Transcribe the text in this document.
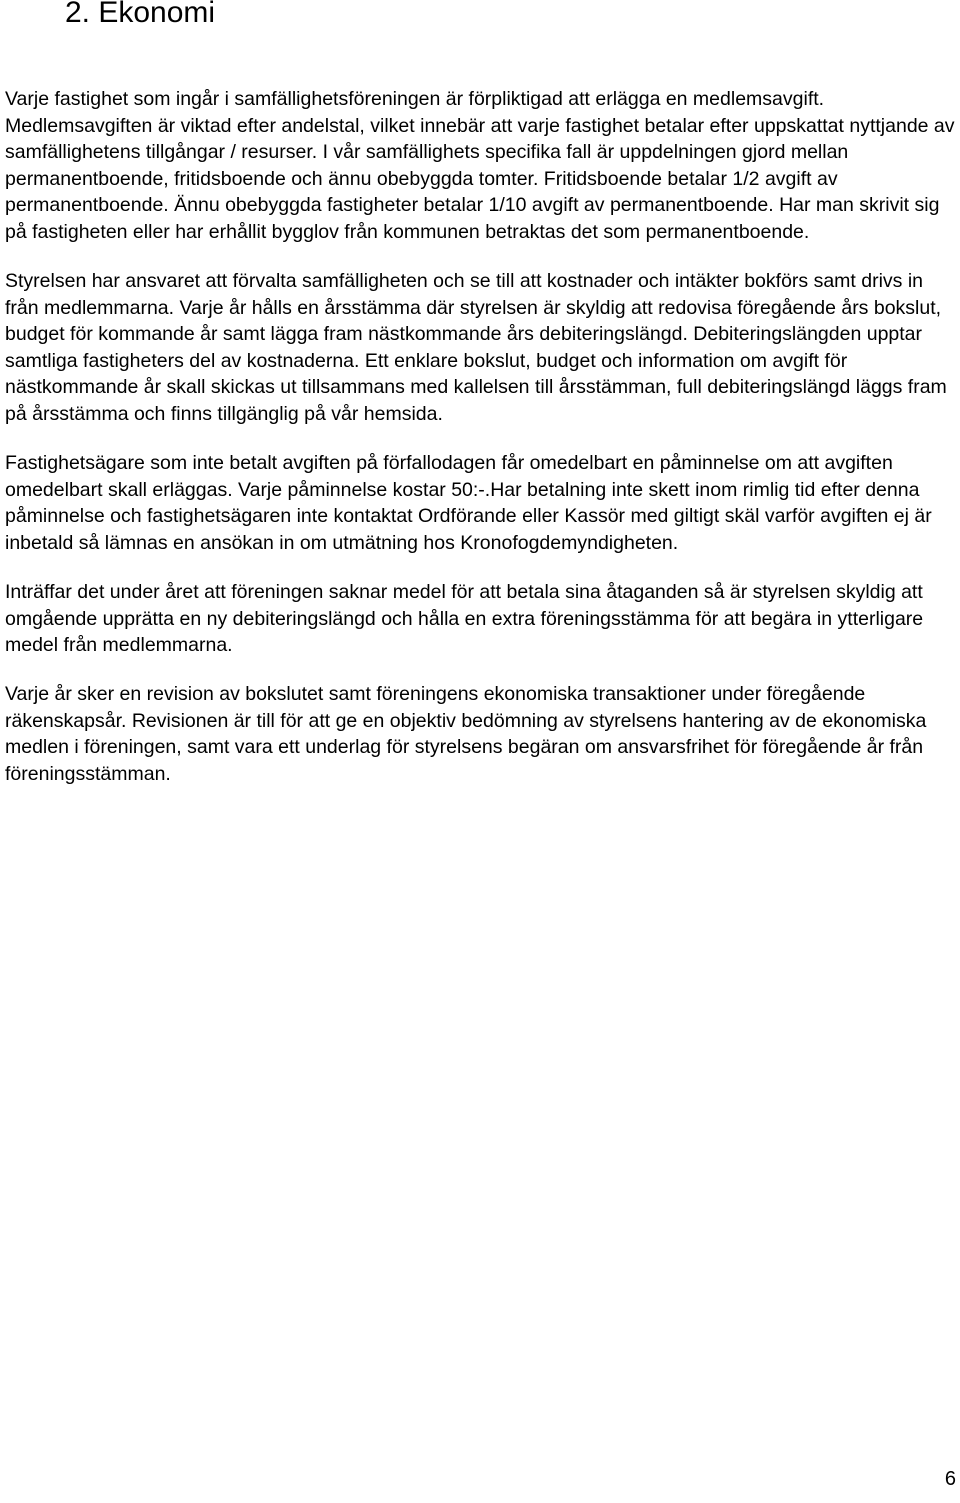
2. Ekonomi

Varje fastighet som ingår i samfällighetsföreningen är förpliktigad att erlägga en medlemsavgift. Medlemsavgiften är viktad efter andelstal, vilket innebär att varje fastighet betalar efter uppskattat nyttjande av samfällighetens tillgångar / resurser. I vår samfällighets specifika fall är uppdelningen gjord mellan permanentboende, fritidsboende och ännu obebyggda tomter. Fritidsboende betalar 1/2 avgift av permanentboende. Ännu obebyggda fastigheter betalar 1/10 avgift av permanentboende. Har man skrivit sig på fastigheten eller har erhållit bygglov från kommunen betraktas det som permanentboende.

Styrelsen har ansvaret att förvalta samfälligheten och se till att kostnader och intäkter bokförs samt drivs in från medlemmarna. Varje år hålls en årsstämma där styrelsen är skyldig att redovisa föregående års bokslut, budget för kommande år samt lägga fram nästkommande års debiteringslängd. Debiteringslängden upptar samtliga fastigheters del av kostnaderna. Ett enklare bokslut, budget och information om avgift för nästkommande år skall skickas ut tillsammans med kallelsen till årsstämman, full debiteringslängd läggs fram på årsstämma och finns tillgänglig på vår hemsida.

Fastighetsägare som inte betalt avgiften på förfallodagen får omedelbart en påminnelse om att avgiften omedelbart skall erläggas. Varje påminnelse kostar 50:-.Har betalning inte skett inom rimlig tid efter denna påminnelse och fastighetsägaren inte kontaktat Ordförande eller Kassör med giltigt skäl varför avgiften ej är inbetald så lämnas en ansökan in om utmätning hos Kronofogdemyndigheten.

Inträffar det under året att föreningen saknar medel för att betala sina åtaganden så är styrelsen skyldig att omgående upprätta en ny debiteringslängd och hålla en extra föreningsstämma för att begära in ytterligare medel från medlemmarna.

Varje år sker en revision av bokslutet samt föreningens ekonomiska transaktioner under föregående räkenskapsår. Revisionen är till för att ge en objektiv bedömning av styrelsens hantering av de ekonomiska medlen i föreningen, samt vara ett underlag för styrelsens begäran om ansvarsfrihet för föregående år från föreningsstämman.

6
